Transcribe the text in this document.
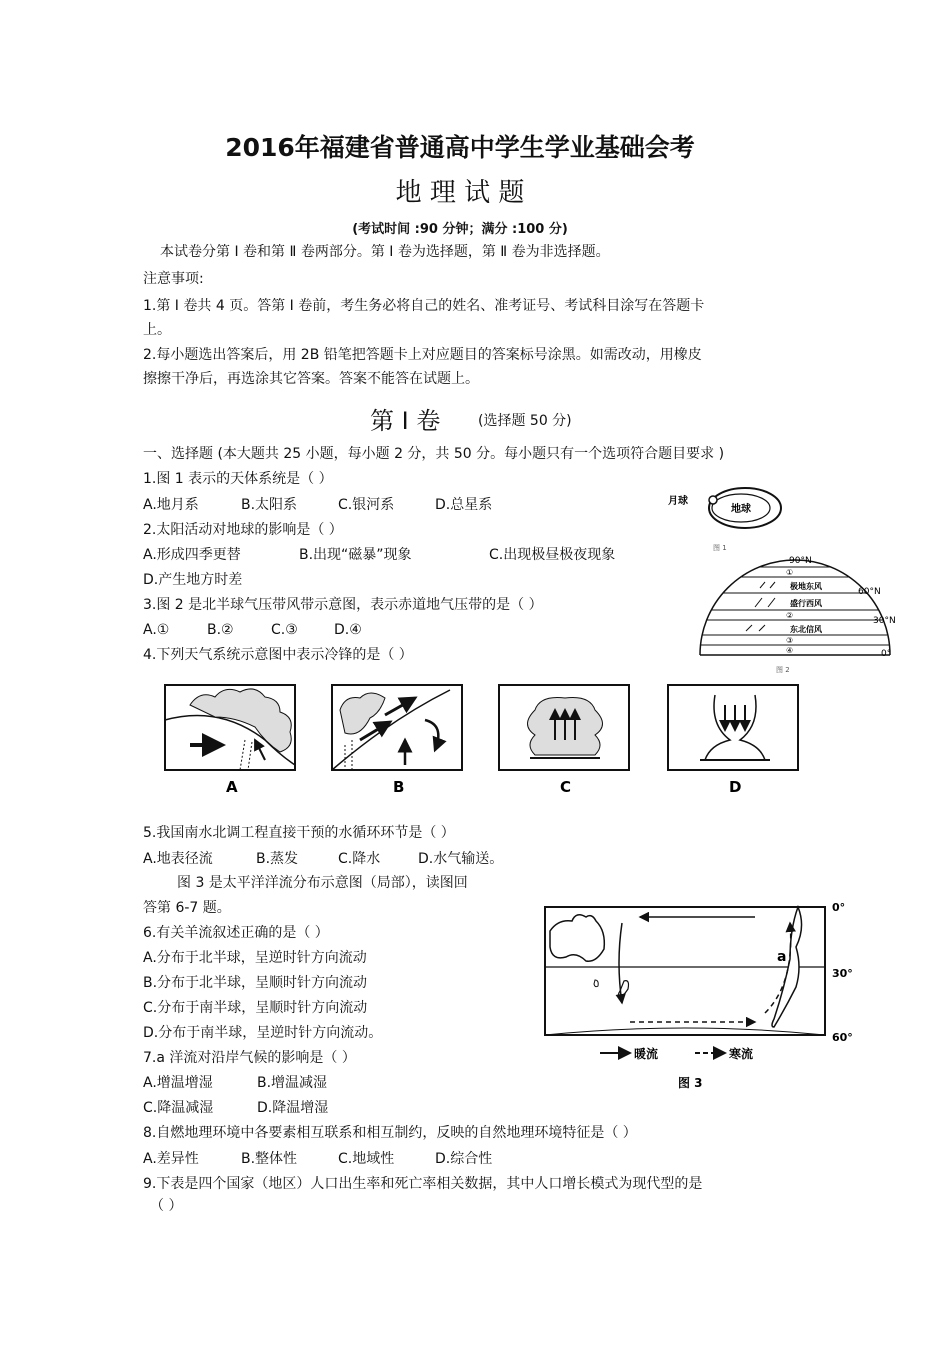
2016年福建省普通高中学生学业基础会考
地 理 试 题
(考试时间 :90 分钟；满分 :100 分)
本试卷分第 Ⅰ 卷和第 Ⅱ 卷两部分。第 Ⅰ 卷为选择题，第 Ⅱ 卷为非选择题。
注意事项:
1.第 Ⅰ 卷共 4 页。答第 Ⅰ 卷前，考生务必将自己的姓名、准考证号、考试科目涂写在答题卡
上。
2.每小题选出答案后，用 2B 铅笔把答题卡上对应题目的答案标号涂黑。如需改动，用橡皮
擦擦干净后，再选涂其它答案。答案不能答在试题上。
第 Ⅰ 卷	(选择题 50 分)
一、选择题 (本大题共 25 小题，每小题 2 分，共 50 分。每小题只有一个选项符合题目要求 )
1.图 1 表示的天体系统是（ ）
A.地月系	B.太阳系	C.银河系	D.总星系
2.太阳活动对地球的影响是（ ）
A.形成四季更替	B.出现“磁暴”现象	C.出现极昼极夜现象
D.产生地方时差
3.图 2 是北半球气压带风带示意图，表示赤道地气压带的是（ ）
A.①	B.②	C.③	D.④
4.下列天气系统示意图中表示冷锋的是（ ）
A	B	C	D
5.我国南水北调工程直接干预的水循环环节是（ ）
A.地表径流	B.蒸发	C.降水	D.水气输送。
图 3 是太平洋洋流分布示意图（局部），读图回
答第 6-7 题。
6.有关羊流叙述正确的是（ ）
A.分布于北半球，呈逆时针方向流动
B.分布于北半球，呈顺时针方向流动
C.分布于南半球，呈顺时针方向流动
D.分布于南半球，呈逆时针方向流动。
7.a 洋流对沿岸气候的影响是（ ）
A.增温增湿	B.增温减湿
C.降温减湿	D.降温增湿
8.自燃地理环境中各要素相互联系和相互制约，反映的自然地理环境特征是（ ）
A.差异性	B.整体性	C.地域性	D.综合性
9.下表是四个国家（地区）人口出生率和死亡率相关数据，其中人口增长模式为现代型的是
（ ）
月球
地球
图 1
90°N
60°N
30°N
0°
①
②
③
④
极地东风
盛行西风
东北信风
图 2
a
0°
30°
60°
暖流	寒流
图 3
